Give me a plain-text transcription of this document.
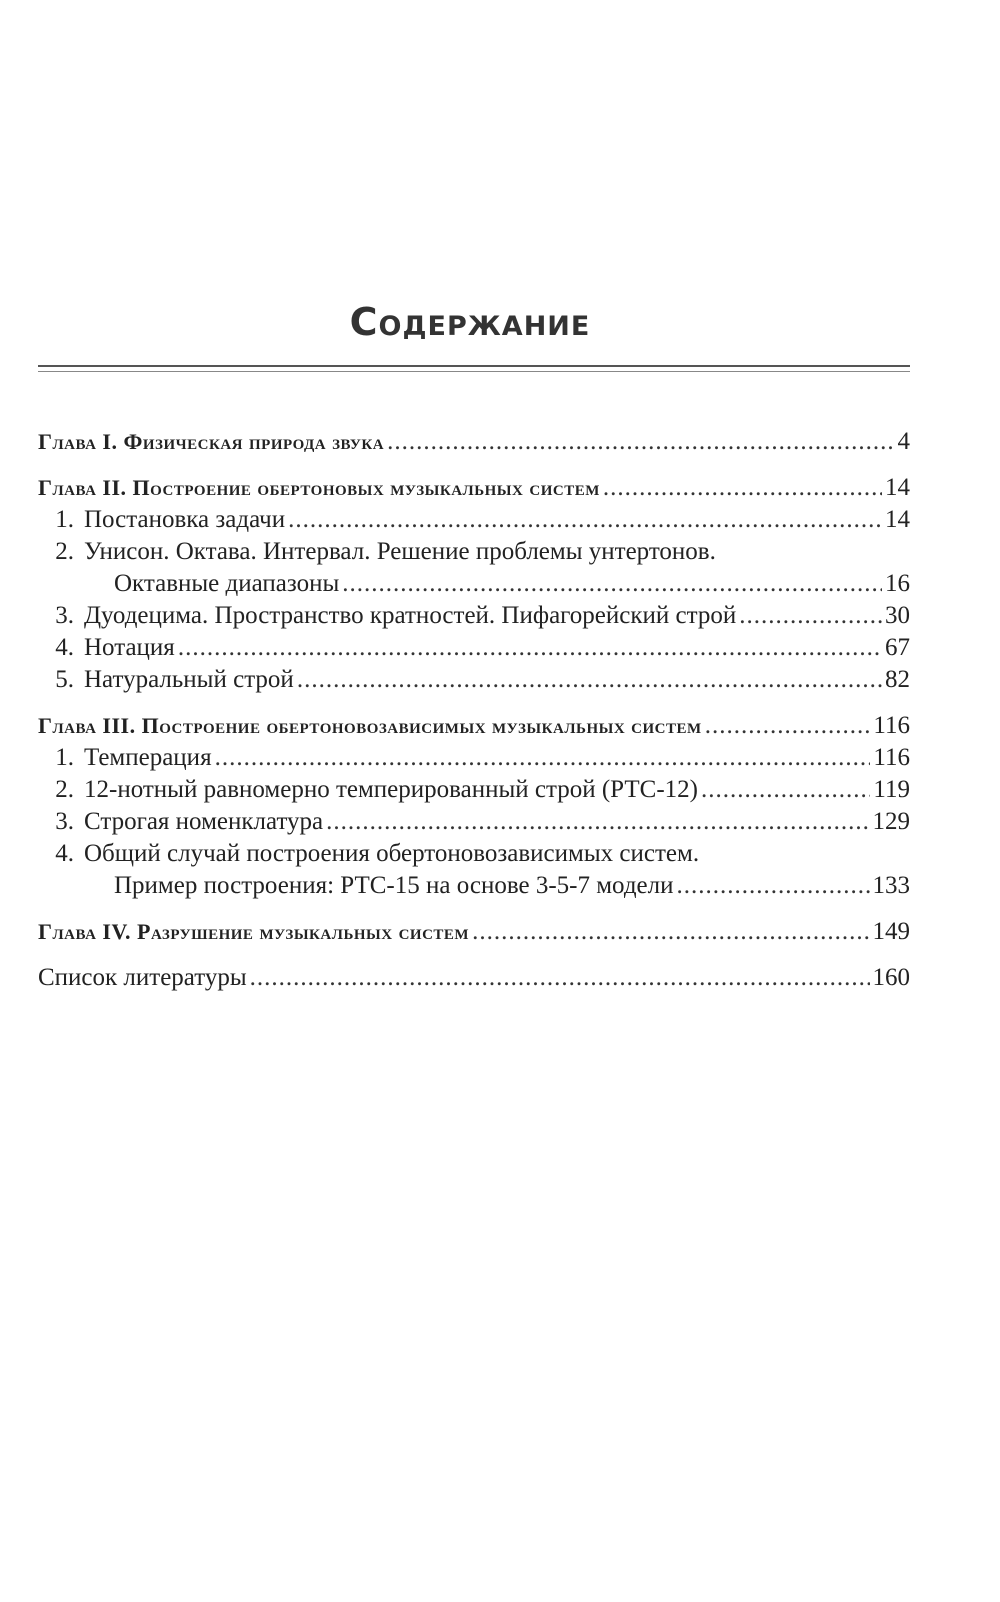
Содержание
Глава I. Физическая природа звука .....	4
Глава II. Построение обертоновых музыкальных систем .....	14
1. Постановка задачи .....	14
2. Унисон. Октава. Интервал. Решение проблемы унтертонов.
Октавные диапазоны .....	16
3. Дуодецима. Пространство кратностей. Пифагорейский строй .....	30
4. Нотация .....	67
5. Натуральный строй .....	82
Глава III. Построение обертоновозависимых музыкальных систем .....	116
1. Темперация .....	116
2. 12-нотный равномерно темперированный строй (РТС-12) .....	119
3. Строгая номенклатура .....	129
4. Общий случай построения обертоновозависимых систем.
Пример построения: РТС-15 на основе 3-5-7 модели .....	133
Глава IV. Разрушение музыкальных систем .....	149
Список литературы .....	160
